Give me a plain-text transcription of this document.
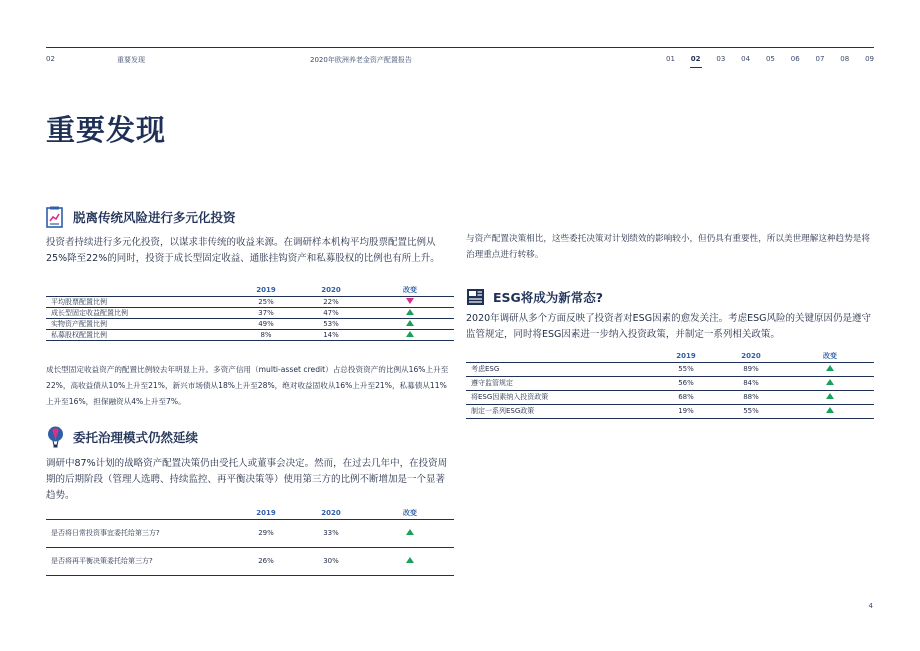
02	重要发现	2020年欧洲养老金资产配置报告	01 02 03 04 05 06 07 08 09
重要发现
脱离传统风险进行多元化投资

投资者持续进行多元化投资，以谋求非传统的收益来源。在调研样本机构平均股票配置比例从25%降至22%的同时，投资于成长型固定收益、通胀挂钩资产和私募股权的比例也有所上升。

	2019	2020	改变
平均股票配置比例	25%	22%	
成长型固定收益配置比例	37%	47%	
实物资产配置比例	49%	53%	
私募股权配置比例	8%	14%	

成长型固定收益资产的配置比例较去年明显上升。多资产信用（multi-asset credit）占总投资资产的比例从16%上升至22%，高收益债从10%上升至21%，新兴市场债从18%上升至28%，绝对收益固收从16%上升至21%，私募债从11%上升至16%，担保融资从4%上升至7%。

委托治理模式仍然延续

调研中87%计划的战略资产配置决策仍由受托人或董事会决定。然而，在过去几年中，在投资周期的后期阶段（管理人选聘、持续监控、再平衡决策等）使用第三方的比例不断增加是一个显著趋势。

	2019	2020	改变
是否将日常投资事宜委托给第三方?	29%	33%	
是否将再平衡决策委托给第三方?	26%	30%	

与资产配置决策相比，这些委托决策对计划绩效的影响较小，但仍具有重要性，所以美世理解这种趋势是将治理重点进行转移。

ESG将成为新常态?

2020年调研从多个方面反映了投资者对ESG因素的愈发关注。考虑ESG风险的关键原因仍是遵守监管规定，同时将ESG因素进一步纳入投资政策，并制定一系列相关政策。

	2019	2020	改变
考虑ESG	55%	89%	
遵守监管规定	56%	84%	
将ESG因素纳入投资政策	68%	88%	
制定一系列ESG政策	19%	55%	
4
